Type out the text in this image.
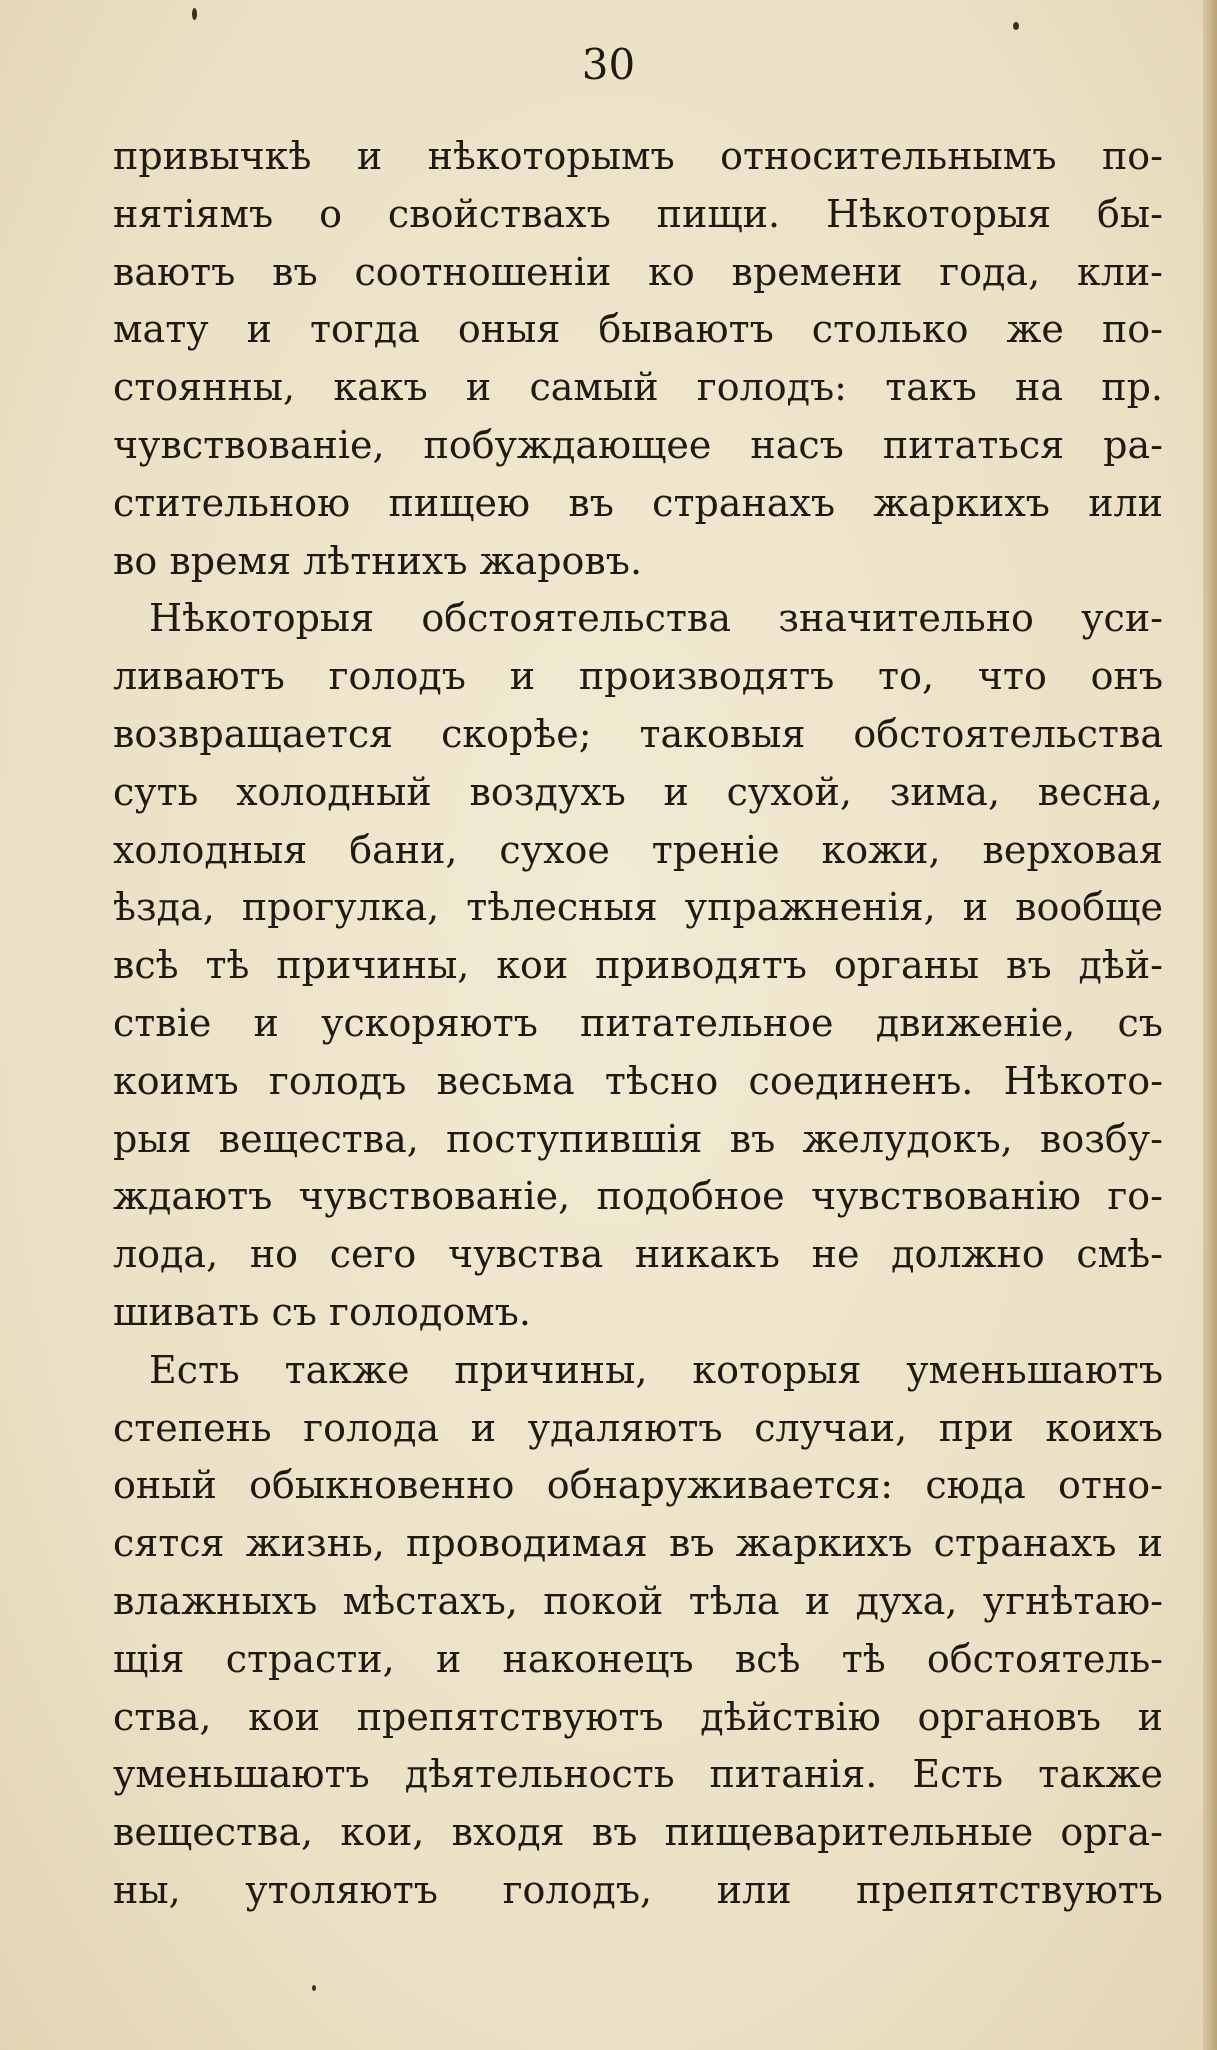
30
привычкѣ и нѣкоторымъ относительнымъ по-
нятіямъ о свойствахъ пищи. Нѣкоторыя бы-
ваютъ въ соотношеніи ко времени года, кли-
мату и тогда оныя бываютъ столько же по-
стоянны, какъ и самый голодъ: такъ на пр.
чувствованіе, побуждающее насъ питаться ра-
стительною пищею въ странахъ жаркихъ или
во время лѣтнихъ жаровъ.
Нѣкоторыя обстоятельства значительно уси-
ливаютъ голодъ и производятъ то, что онъ
возвращается скорѣе; таковыя обстоятельства
суть холодный воздухъ и сухой, зима, весна,
холодныя бани, сухое треніе кожи, верховая
ѣзда, прогулка, тѣлесныя упражненія, и вообще
всѣ тѣ причины, кои приводятъ органы въ дѣй-
ствіе и ускоряютъ питательное движеніе, съ
коимъ голодъ весьма тѣсно соединенъ. Нѣкото-
рыя вещества, поступившія въ желудокъ, возбу-
ждаютъ чувствованіе, подобное чувствованію го-
лода, но сего чувства никакъ не должно смѣ-
шивать съ голодомъ.
Есть также причины, которыя уменьшаютъ
степень голода и удаляютъ случаи, при коихъ
оный обыкновенно обнаруживается: сюда отно-
сятся жизнь, проводимая въ жаркихъ странахъ и
влажныхъ мѣстахъ, покой тѣла и духа, угнѣтаю-
щія страсти, и наконецъ всѣ тѣ обстоятель-
ства, кои препятствуютъ дѣйствію органовъ и
уменьшаютъ дѣятельность питанія. Есть также
вещества, кои, входя въ пищеварительные орга-
ны, утоляютъ голодъ, или препятствуютъ
